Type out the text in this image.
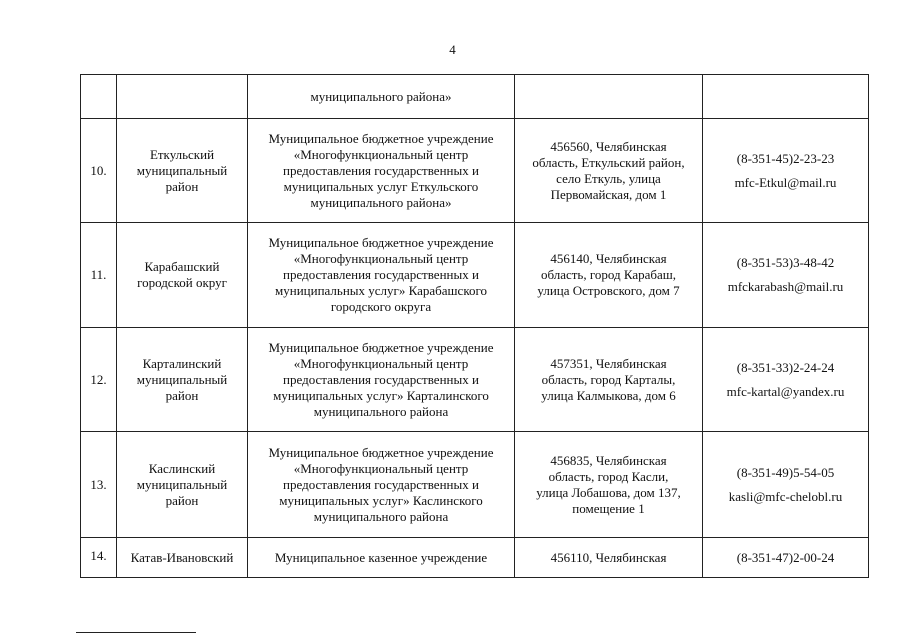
4

		муниципального района»		

10.	Еткульский
муниципальный
район	Муниципальное бюджетное учреждение
«Многофункциональный центр
предоставления государственных и
муниципальных услуг Еткульского
муниципального района»	456560, Челябинская
область, Еткульский район,
село Еткуль, улица
Первомайская, дом 1	(8-351-45)2-23-23
mfc-Etkul@mail.ru

11.	Карабашский
городской округ	Муниципальное бюджетное учреждение
«Многофункциональный центр
предоставления государственных и
муниципальных услуг» Карабашского
городского округа	456140, Челябинская
область, город Карабаш,
улица Островского, дом 7	(8-351-53)3-48-42
mfckarabash@mail.ru

12.	Карталинский
муниципальный
район	Муниципальное бюджетное учреждение
«Многофункциональный центр
предоставления государственных и
муниципальных услуг» Карталинского
муниципального района	457351, Челябинская
область, город Карталы,
улица Калмыкова, дом 6	(8-351-33)2-24-24
mfc-kartal@yandex.ru

13.	Каслинский
муниципальный
район	Муниципальное бюджетное учреждение
«Многофункциональный центр
предоставления государственных и
муниципальных услуг» Каслинского
муниципального района	456835, Челябинская
область, город Касли,
улица Лобашова, дом 137,
помещение 1	(8-351-49)5-54-05
kasli@mfc-chelobl.ru

14.	Катав-Ивановский	Муниципальное казенное учреждение	456110, Челябинская	(8-351-47)2-00-24
